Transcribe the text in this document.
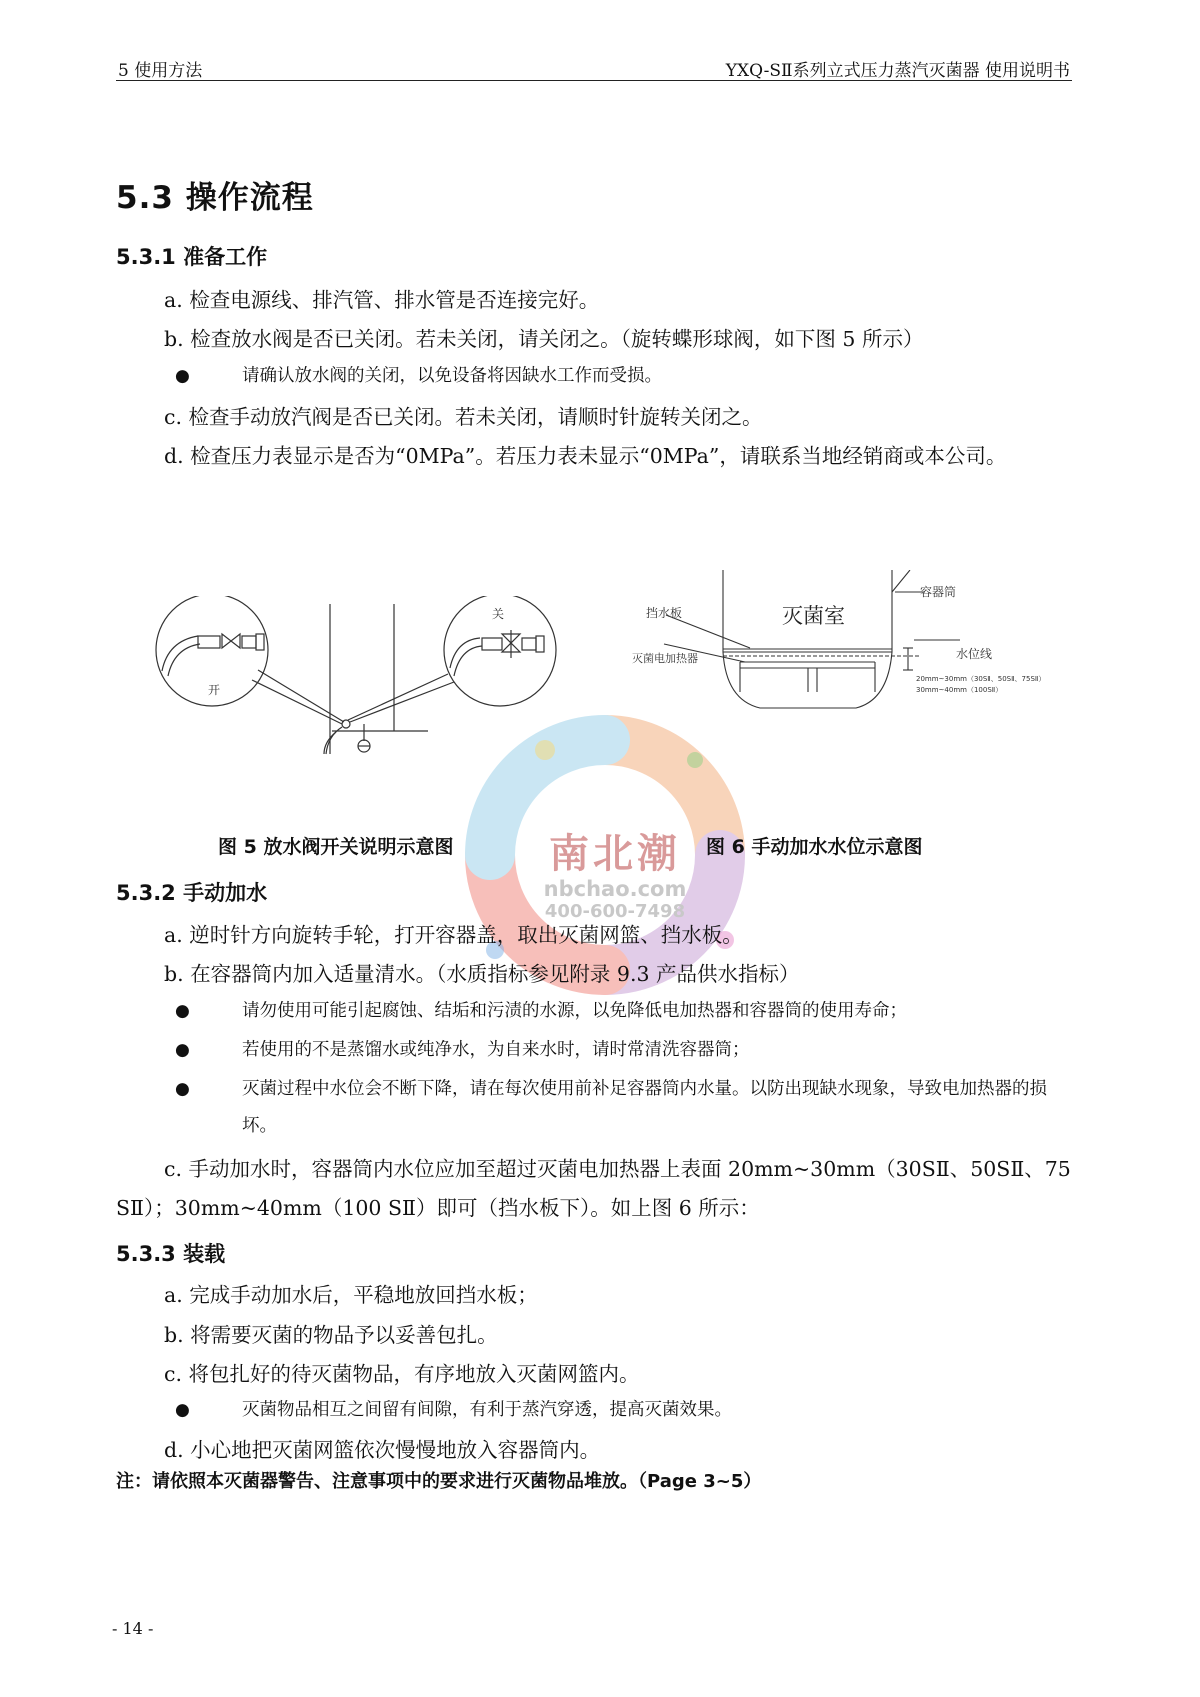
5 使用方法	YXQ-SⅡ系列立式压力蒸汽灭菌器 使用说明书
5.3 操作流程
5.3.1 准备工作

a. 检查电源线、排汽管、排水管是否连接完好。

b. 检查放水阀是否已关闭。若未关闭，请关闭之。（旋转蝶形球阀，如下图 5 所示）

●	请确认放水阀的关闭，以免设备将因缺水工作而受损。

c. 检查手动放汽阀是否已关闭。若未关闭，请顺时针旋转关闭之。

d. 检查压力表显示是否为“0MPa”。若压力表未显示“0MPa”，请联系当地经销商或本公司。

开
关	灭菌室
容器筒
挡水板
灭菌电加热器	水位线
20mm~30mm（30SⅡ、50SⅡ、75SⅡ）
30mm~40mm（100SⅡ）
南北潮
nbchao.com
400-600-7498
图 5 放水阀开关说明示意图	图 6 手动加水水位示意图
5.3.2 手动加水

a. 逆时针方向旋转手轮，打开容器盖，取出灭菌网篮、挡水板。

b. 在容器筒内加入适量清水。（水质指标参见附录 9.3 产品供水指标）

●	请勿使用可能引起腐蚀、结垢和污渍的水源，以免降低电加热器和容器筒的使用寿命；
●	若使用的不是蒸馏水或纯净水，为自来水时，请时常清洗容器筒；
●	灭菌过程中水位会不断下降，请在每次使用前补足容器筒内水量。以防出现缺水现象，导致电加热器的损坏。

c. 手动加水时，容器筒内水位应加至超过灭菌电加热器上表面 20mm~30mm（30SⅡ、50SⅡ、75 SⅡ）；30mm~40mm（100 SⅡ）即可（挡水板下）。如上图 6 所示：

5.3.3 装载

a. 完成手动加水后，平稳地放回挡水板；

b. 将需要灭菌的物品予以妥善包扎。

c. 将包扎好的待灭菌物品，有序地放入灭菌网篮内。

●	灭菌物品相互之间留有间隙，有利于蒸汽穿透，提高灭菌效果。

d. 小心地把灭菌网篮依次慢慢地放入容器筒内。

注：请依照本灭菌器警告、注意事项中的要求进行灭菌物品堆放。（Page 3~5）
- 14 -
